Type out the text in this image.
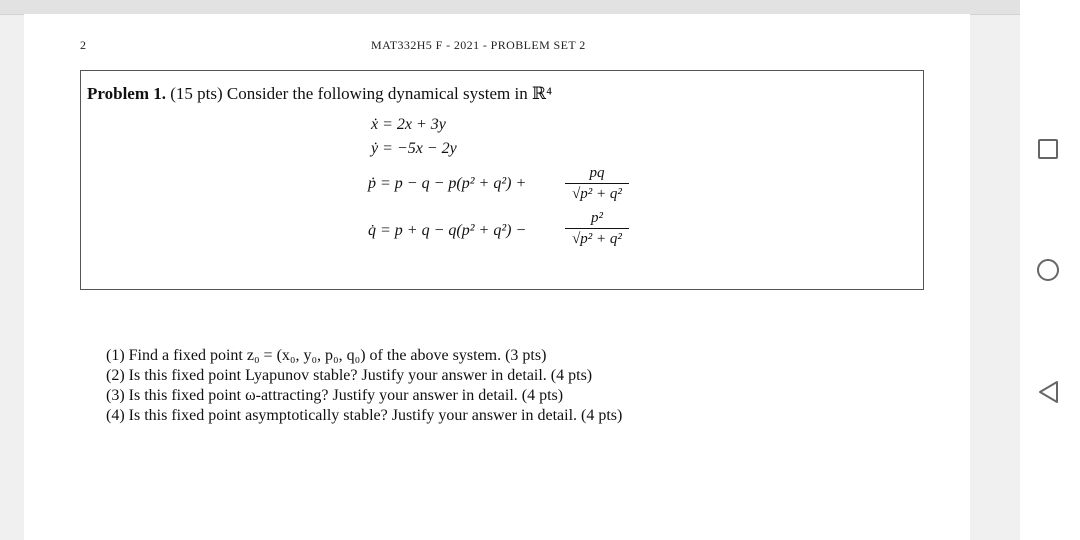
2	MAT332H5 F - 2021 - PROBLEM SET 2
Problem 1. (15 pts) Consider the following dynamical system in ℝ⁴
ẋ = 2x + 3y
ẏ = −5x − 2y
ṗ = p − q − p(p² + q²) +
pq
√p² + q²
q̇ = p + q − q(p² + q²) −
p²
√p² + q²
(1) Find a fixed point z₀ = (x₀, y₀, p₀, q₀) of the above system. (3 pts)
(2) Is this fixed point Lyapunov stable? Justify your answer in detail. (4 pts)
(3) Is this fixed point ω-attracting? Justify your answer in detail. (4 pts)
(4) Is this fixed point asymptotically stable? Justify your answer in detail. (4 pts)
